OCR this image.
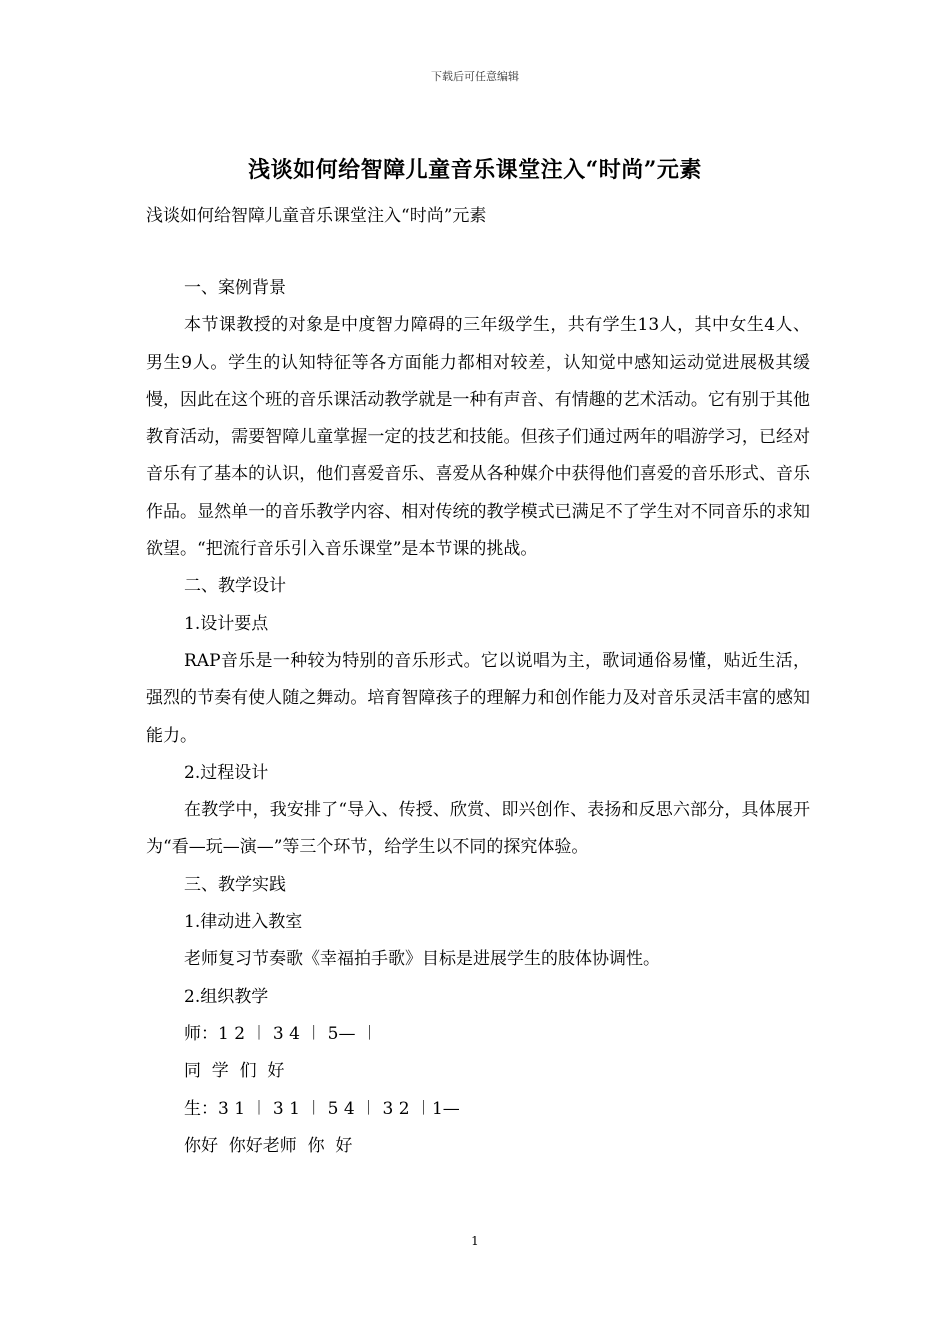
下载后可任意编辑
浅谈如何给智障儿童音乐课堂注入“时尚”元素
浅谈如何给智障儿童音乐课堂注入“时尚”元素

一、案例背景

本节课教授的对象是中度智力障碍的三年级学生，共有学生13人，其中女生4人、男生9人。学生的认知特征等各方面能力都相对较差，认知觉中感知运动觉进展极其缓慢，因此在这个班的音乐课活动教学就是一种有声音、有情趣的艺术活动。它有别于其他教育活动，需要智障儿童掌握一定的技艺和技能。但孩子们通过两年的唱游学习，已经对音乐有了基本的认识，他们喜爱音乐、喜爱从各种媒介中获得他们喜爱的音乐形式、音乐作品。显然单一的音乐教学内容、相对传统的教学模式已满足不了学生对不同音乐的求知欲望。“把流行音乐引入音乐课堂”是本节课的挑战。

二、教学设计

1.设计要点

RAP音乐是一种较为特别的音乐形式。它以说唱为主，歌词通俗易懂，贴近生活，强烈的节奏有使人随之舞动。培育智障孩子的理解力和创作能力及对音乐灵活丰富的感知能力。

2.过程设计

在教学中，我安排了“导入、传授、欣赏、即兴创作、表扬和反思六部分，具体展开为“看—玩—演—”等三个环节，给学生以不同的探究体验。

三、教学实践

1.律动进入教室

老师复习节奏歌《幸福拍手歌》目标是进展学生的肢体协调性。

2.组织教学

师：1 2 ︱ 3 4 ︱ 5— ︱

同  学  们  好

生：3 1 ︱ 3 1 ︱ 5 4 ︱ 3 2 ︱1—

你好  你好老师  你  好

1
